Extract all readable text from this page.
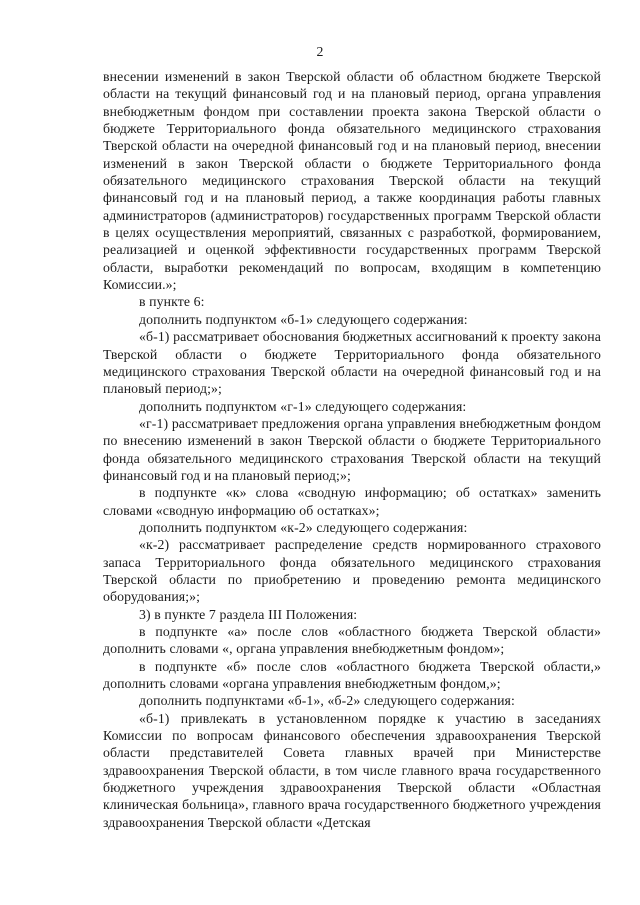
2

внесении изменений в закон Тверской области об областном бюджете Тверской области на текущий финансовый год и на плановый период, органа управления внебюджетным фондом при составлении проекта закона Тверской области о бюджете Территориального фонда обязательного медицинского страхования Тверской области на очередной финансовый год и на плановый период, внесении изменений в закон Тверской области о бюджете Территориального фонда обязательного медицинского страхования Тверской области на текущий финансовый год и на плановый период, а также координация работы главных администраторов (администраторов) государственных программ Тверской области в целях осуществления мероприятий, связанных с разработкой, формированием, реализацией и оценкой эффективности государственных программ Тверской области, выработки рекомендаций по вопросам, входящим в компетенцию Комиссии.»;

в пункте 6:

дополнить подпунктом «б-1» следующего содержания:

«б-1) рассматривает обоснования бюджетных ассигнований к проекту закона Тверской области о бюджете Территориального фонда обязательного медицинского страхования Тверской области на очередной финансовый год и на плановый период;»;

дополнить подпунктом «г-1» следующего содержания:

«г-1) рассматривает предложения органа управления внебюджетным фондом по внесению изменений в закон Тверской области о бюджете Территориального фонда обязательного медицинского страхования Тверской области на текущий финансовый год и на плановый период;»;

в подпункте «к» слова «сводную информацию; об остатках» заменить словами «сводную информацию об остатках»;

дополнить подпунктом «к-2» следующего содержания:

«к-2) рассматривает распределение средств нормированного страхового запаса Территориального фонда обязательного медицинского страхования Тверской области по приобретению и проведению ремонта медицинского оборудования;»;

3) в пункте 7 раздела III Положения:

в подпункте «а» после слов «областного бюджета Тверской области» дополнить словами «, органа управления внебюджетным фондом»;

в подпункте «б» после слов «областного бюджета Тверской области,» дополнить словами «органа управления внебюджетным фондом,»;

дополнить подпунктами «б-1», «б-2» следующего содержания:

«б-1) привлекать в установленном порядке к участию в заседаниях Комиссии по вопросам финансового обеспечения здравоохранения Тверской области представителей Совета главных врачей при Министерстве здравоохранения Тверской области, в том числе главного врача государственного бюджетного учреждения здравоохранения Тверской области «Областная клиническая больница», главного врача государственного бюджетного учреждения здравоохранения Тверской области «Детская
